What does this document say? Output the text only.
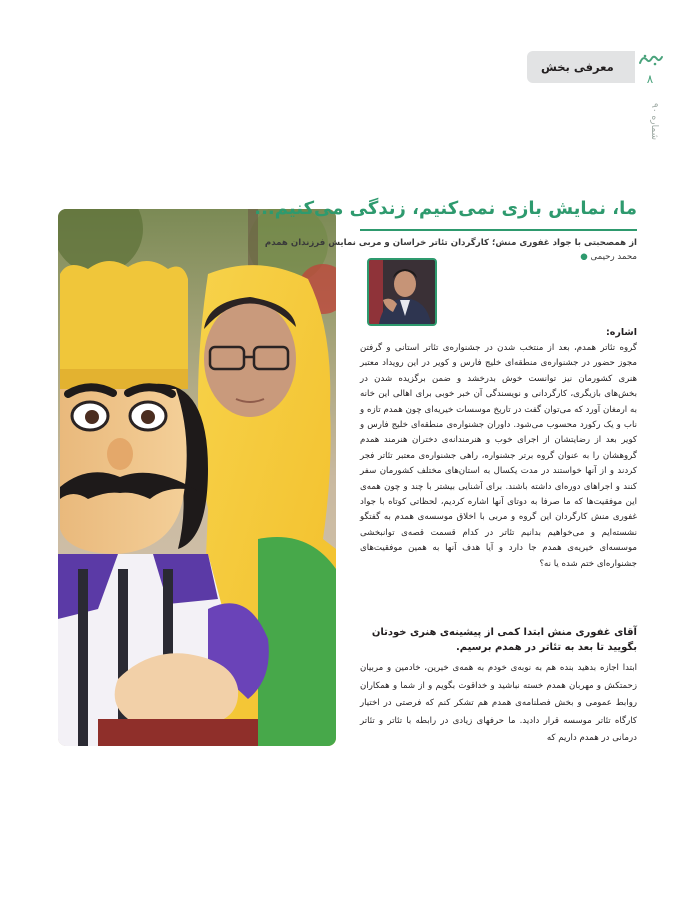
معرفی بخش
۸
شماره ۹۰
ما، نمایش بازی نمی‌کنیم، زندگی می‌کنیم...
از همصحبتی با جواد غفوری منش؛ کارگردان تئاتر خراسان و مربی نمایش فرزندان همدم
محمد رحیمی ●
اشاره:

گروه تئاتر همدم، بعد از منتخب شدن در جشنواره‌ی تئاتر استانی و گرفتن مجوز حضور در جشنواره‌ی منطقه‌ای خلیج فارس و کویر در این رویداد معتبر هنری کشورمان نیز توانست خوش بدرخشد و ضمن برگزیده شدن در بخش‌های بازیگری، کارگردانی و نویسندگی آن خبر خوبی برای اهالی این خانه به ارمغان آورد که می‌توان گفت در تاریخ موسسات خیریه‌ای چون همدم تازه و ناب و یک رکورد محسوب می‌شود. داوران جشنواره‌ی منطقه‌ای خلیج فارس و کویر بعد از رضایتشان از اجرای خوب و هنرمندانه‌ی دختران هنرمند همدم گروهشان را به عنوان گروه برتر جشنواره، راهی جشنواره‌ی معتبر تئاتر فجر کردند و از آنها خواستند در مدت یکسال به استان‌های مختلف کشورمان سفر کنند و اجراهای دوره‌ای داشته باشند. برای آشنایی بیشتر با چند و چون همه‌ی این موفقیت‌ها که ما صرفا به دوتای آنها اشاره کردیم، لحظاتی کوتاه با جواد غفوری منش کارگردان این گروه و مربی با اخلاق موسسه‌ی همدم به گفتگو نشسته‌ایم و می‌خواهیم بدانیم تئاتر در کدام قسمت قصه‌ی توانبخشی موسسه‌ای خیریه‌ی همدم جا دارد و آیا هدف آنها به همین موفقیت‌های جشنواره‌ای ختم شده یا نه؟

آقای غفوری منش ابتدا کمی از پیشینه‌ی هنری خودتان بگویید تا بعد به تئاتر در همدم برسیم.

ابتدا اجازه بدهید بنده هم به نوبه‌ی خودم به همه‌ی خیرین، خادمین و مربیان زحمتکش و مهربان همدم خسته نباشید و خداقوت بگویم و از شما و همکاران روابط عمومی و بخش فصلنامه‌ی همدم هم تشکر کنم که فرصتی در اختیار کارگاه تئاتر موسسه قرار دادید. ما حرفهای زیادی در رابطه با تئاتر و تئاتر درمانی در همدم داریم که
